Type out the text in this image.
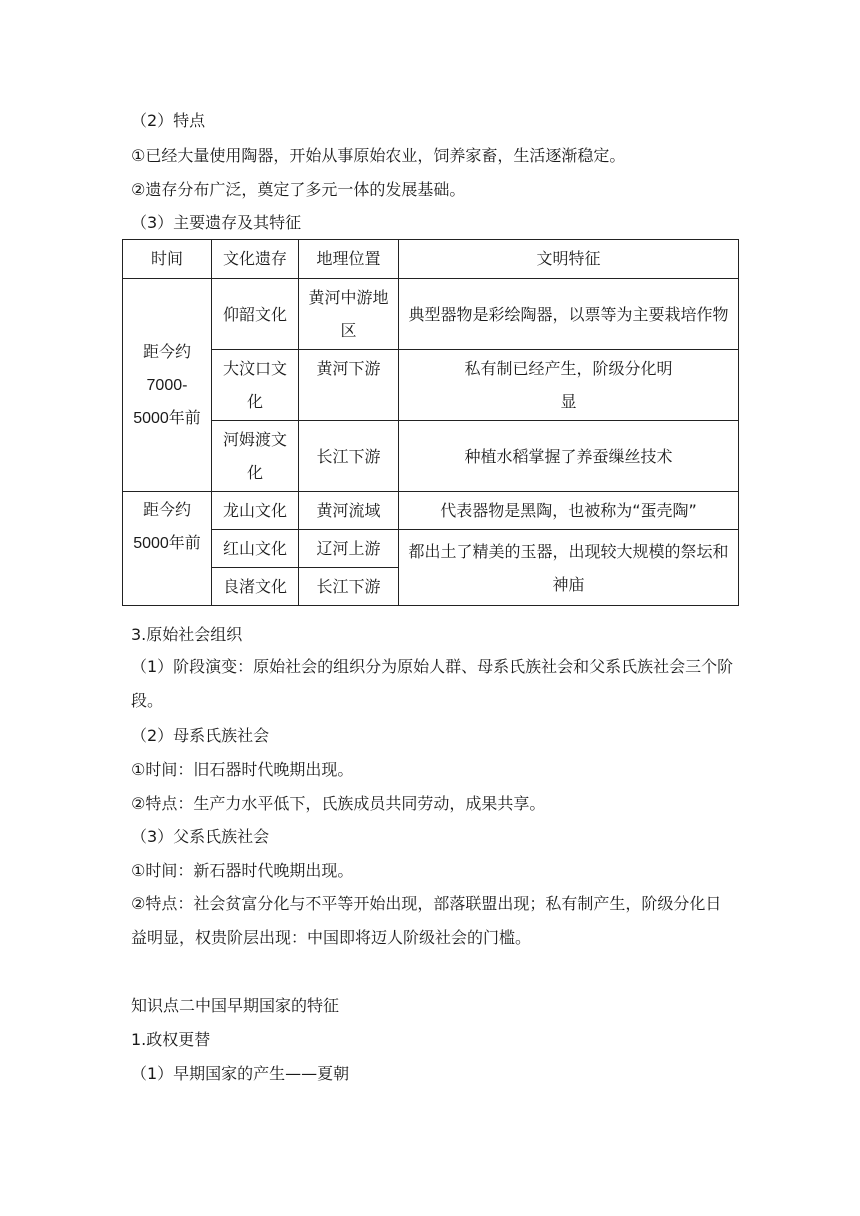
（2）特点
①已经大量使用陶器，开始从事原始农业，饲养家畜，生活逐渐稳定。
②遗存分布广泛，奠定了多元一体的发展基础。
（3）主要遗存及其特征
时间	文化遗存	地理位置	文明特征
距今约7000-5000年前	仰韶文化	黄河中游地区	典型器物是彩绘陶器，以票等为主要栽培作物
	大汶口文化	黄河下游	私有制已经产生，阶级分化明显
	河姆渡文化	长江下游	种植水稻掌握了养蚕缫丝技术
距今约5000年前	龙山文化	黄河流域	代表器物是黑陶，也被称为“蛋壳陶”
	红山文化	辽河上游	都出土了精美的玉器，出现较大规模的祭坛和神庙
	良渚文化	长江下游	
3.原始社会组织
（1）阶段演变：原始社会的组织分为原始人群、母系氏族社会和父系氏族社会三个阶段。
（2）母系氏族社会
①时间：旧石器时代晚期出现。
②特点：生产力水平低下，氏族成员共同劳动，成果共享。
（3）父系氏族社会
①时间：新石器时代晚期出现。
②特点：社会贫富分化与不平等开始出现，部落联盟出现；私有制产生，阶级分化日益明显，权贵阶层出现：中国即将迈人阶级社会的门槛。
知识点二中国早期国家的特征
1.政权更替
（1）早期国家的产生——夏朝
